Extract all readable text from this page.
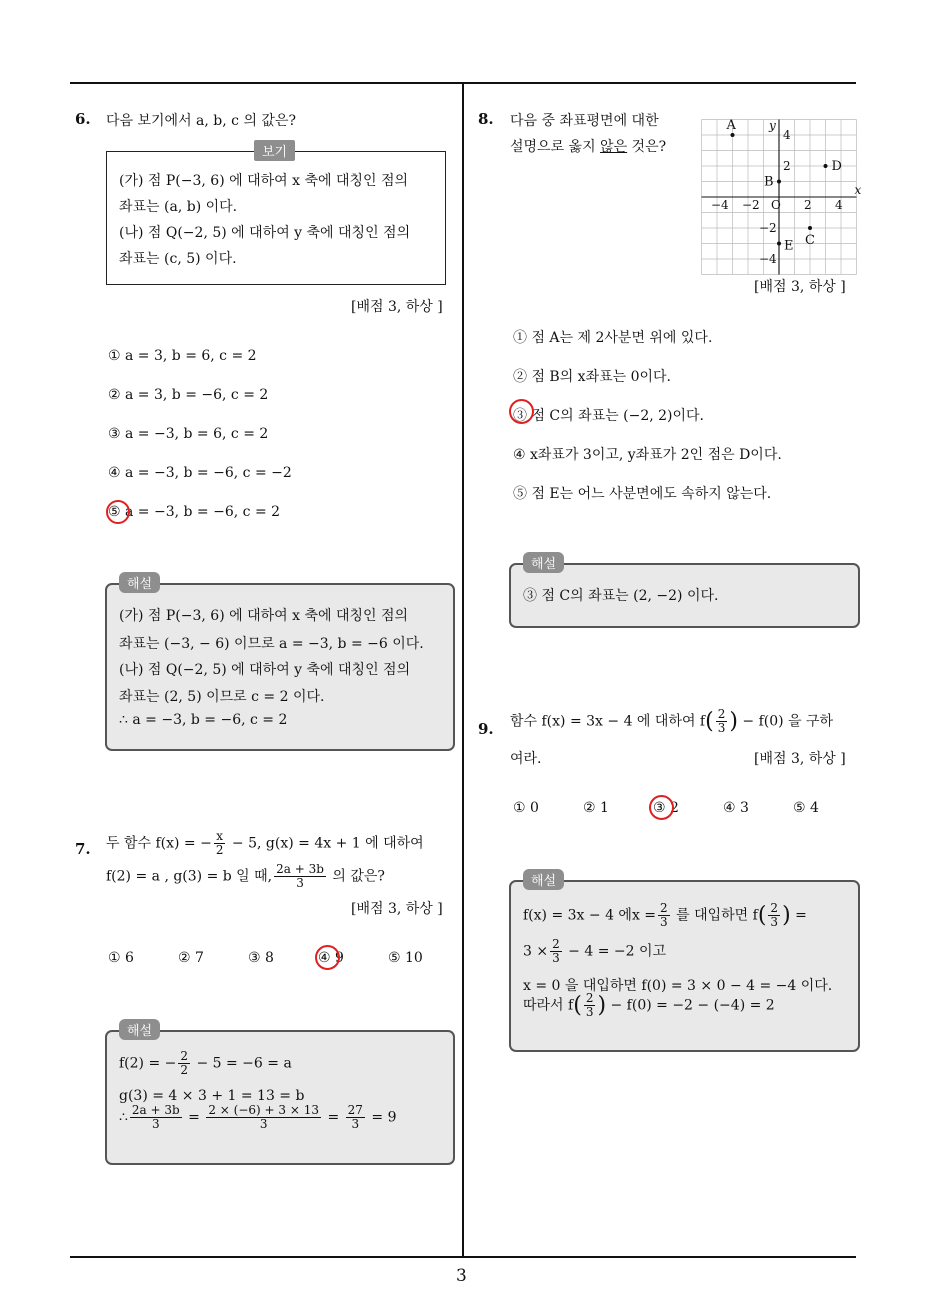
3
6. 다음 보기에서 a, b, c 의 값은?
(가) 점 P(−3, 6) 에 대하여 x 축에 대칭인 점의
좌표는 (a, b) 이다.
(나) 점 Q(−2, 5) 에 대하여 y 축에 대칭인 점의
좌표는 (c, 5) 이다.
보기
[배점 3, 하상 ]
① a = 3, b = 6, c = 2
② a = 3, b = −6, c = 2
③ a = −3, b = 6, c = 2
④ a = −3, b = −6, c = −2
⑤ a = −3, b = −6, c = 2
(가) 점 P(−3, 6) 에 대하여 x 축에 대칭인 점의
좌표는 (−3, − 6) 이므로 a = −3, b = −6 이다.
(나) 점 Q(−2, 5) 에 대하여 y 축에 대칭인 점의
좌표는 (2, 5) 이므로 c = 2 이다.
∴ a = −3, b = −6, c = 2
해설
7. 두 함수 f(x) = − $\frac{x}{2} - 5$, g(x) = 4x + 1 에 대하여
f(2) = a , g(3) = b 일 때, $\frac{2a + 3b}{3}$ 의 값은?
[배점 3, 하상 ]
① 6	② 7	③ 8	④ 9	⑤ 10
f(2) = − $\frac{2}{2} - 5 = -6 = a$
g(3) = 4 × 3 + 1 = 13 = b
∴ $\frac{2a + 3b}{3} = \frac{2 \times (-6) + 3 \times 13}{3} = \frac{27}{3} = 9$
해설
8. 다음 중 좌표평면에 대한
설명으로 옳지 않은 것은?
−4 −2 O 2 4
4
2
−2
−4
x
y
A
B
C
D
E
[배점 3, 하상 ]
① 점 A는 제 2사분면 위에 있다.
② 점 B의 x좌표는 0이다.
③ 점 C의 좌표는 (−2, 2)이다.
④ x좌표가 3이고, y좌표가 2인 점은 D이다.
⑤ 점 E는 어느 사분면에도 속하지 않는다.
③ 점 C의 좌표는 (2, −2) 이다.
해설
9. 함수 f(x) = 3x − 4 에 대하여 $f( \frac{2}{3}$ ) − f(0) 을 구하
여라.	[배점 3, 하상 ]
① 0	② 1	③ 2	④ 3	⑤ 4
f(x) = 3x − 4 에$x = \frac{2}{3}$ 를 대입하면 $f( \frac{2}{3}$ ) =
$3 \times \frac{2}{3} - 4 = -2$ 이고
x = 0 을 대입하면 f(0) = 3 × 0 − 4 = −4 이다.
따라서 $f( \frac{2}{3}$ ) − f(0) = −2 − (−4) = 2
해설
